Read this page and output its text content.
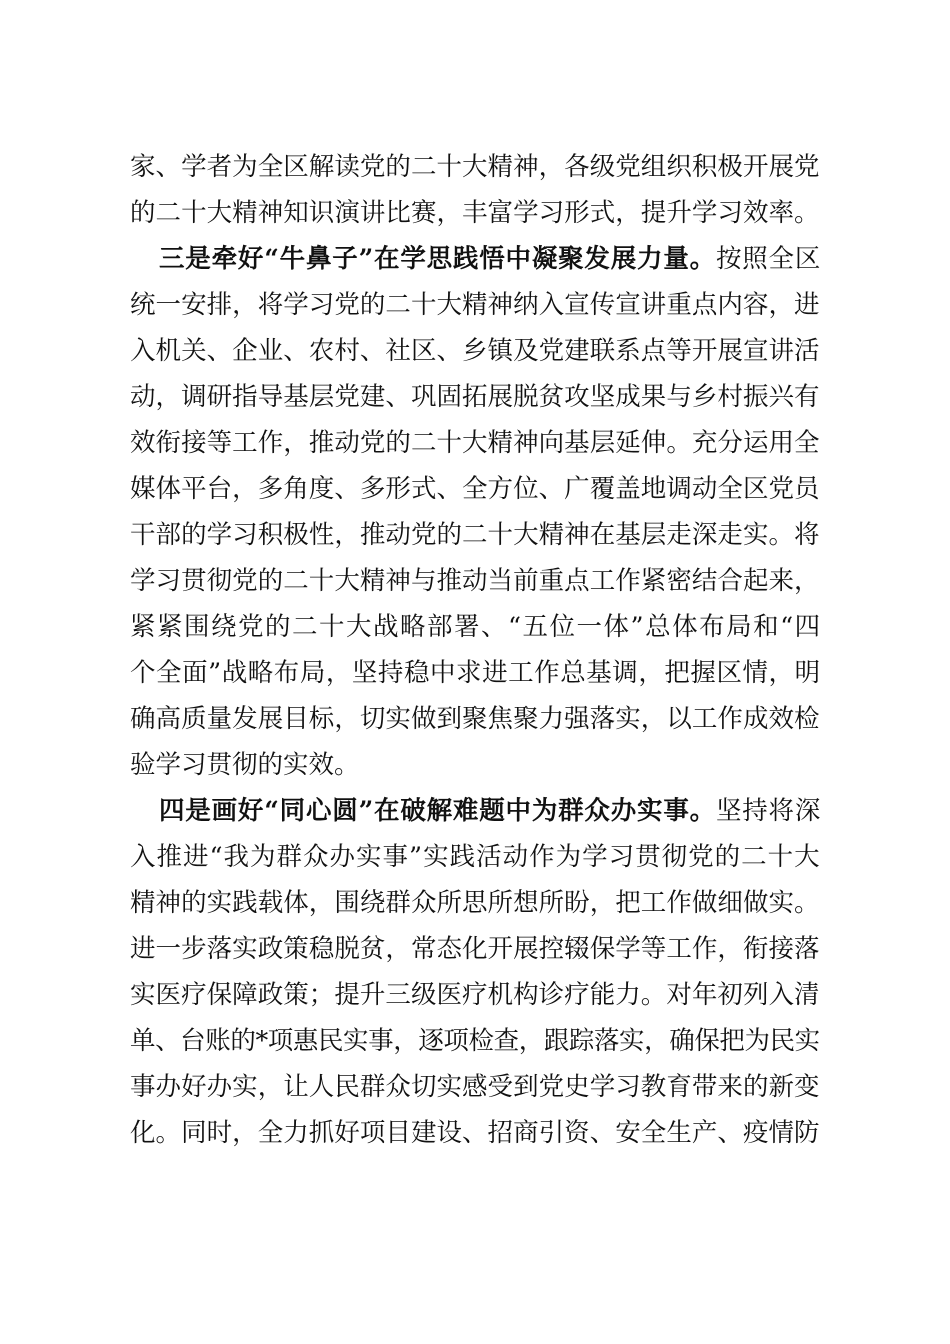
家、学者为全区解读党的二十大精神，各级党组织积极开展党
的二十大精神知识演讲比赛，丰富学习形式，提升学习效率。
三是牵好“牛鼻子”在学思践悟中凝聚发展力量。按照全区
统一安排，将学习党的二十大精神纳入宣传宣讲重点内容，进
入机关、企业、农村、社区、乡镇及党建联系点等开展宣讲活
动，调研指导基层党建、巩固拓展脱贫攻坚成果与乡村振兴有
效衔接等工作，推动党的二十大精神向基层延伸。充分运用全
媒体平台，多角度、多形式、全方位、广覆盖地调动全区党员
干部的学习积极性，推动党的二十大精神在基层走深走实。将
学习贯彻党的二十大精神与推动当前重点工作紧密结合起来，
紧紧围绕党的二十大战略部署、“五位一体”总体布局和“四
个全面”战略布局，坚持稳中求进工作总基调，把握区情，明
确高质量发展目标，切实做到聚焦聚力强落实，以工作成效检
验学习贯彻的实效。
四是画好“同心圆”在破解难题中为群众办实事。坚持将深
入推进“我为群众办实事”实践活动作为学习贯彻党的二十大
精神的实践载体，围绕群众所思所想所盼，把工作做细做实。
进一步落实政策稳脱贫，常态化开展控辍保学等工作，衔接落
实医疗保障政策；提升三级医疗机构诊疗能力。对年初列入清
单、台账的*项惠民实事，逐项检查，跟踪落实，确保把为民实
事办好办实，让人民群众切实感受到党史学习教育带来的新变
化。同时，全力抓好项目建设、招商引资、安全生产、疫情防
